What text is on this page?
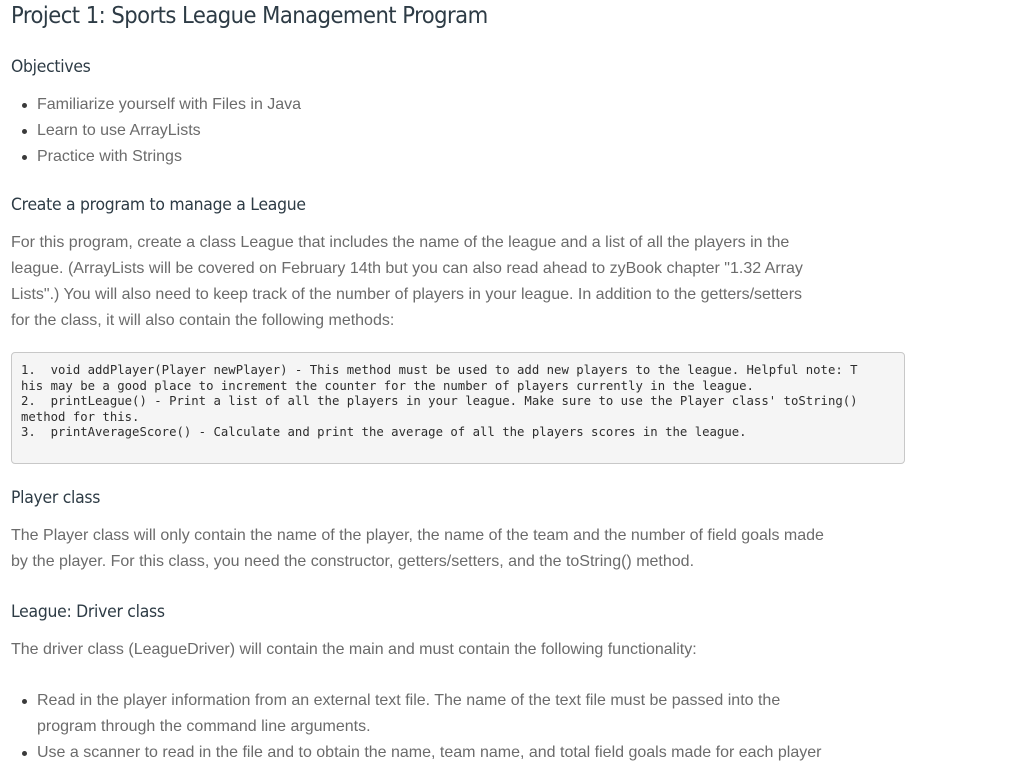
Project 1: Sports League Management Program
Objectives
Familiarize yourself with Files in Java
Learn to use ArrayLists
Practice with Strings
Create a program to manage a League

For this program, create a class League that includes the name of the league and a list of all the players in the
league. (ArrayLists will be covered on February 14th but you can also read ahead to zyBook chapter "1.32 Array
Lists".) You will also need to keep track of the number of players in your league. In addition to the getters/setters
for the class, it will also contain the following methods:

1.  void addPlayer(Player newPlayer) - This method must be used to add new players to the league. Helpful note: T
his may be a good place to increment the counter for the number of players currently in the league.
2.  printLeague() - Print a list of all the players in your league. Make sure to use the Player class' toString()
method for this.
3.  printAverageScore() - Calculate and print the average of all the players scores in the league.
Player class

The Player class will only contain the name of the player, the name of the team and the number of field goals made
by the player. For this class, you need the constructor, getters/setters, and the toString() method.

League: Driver class

The driver class (LeagueDriver) will contain the main and must contain the following functionality:

Read in the player information from an external text file. The name of the text file must be passed into the
program through the command line arguments.
Use a scanner to read in the file and to obtain the name, team name, and total field goals made for each player
